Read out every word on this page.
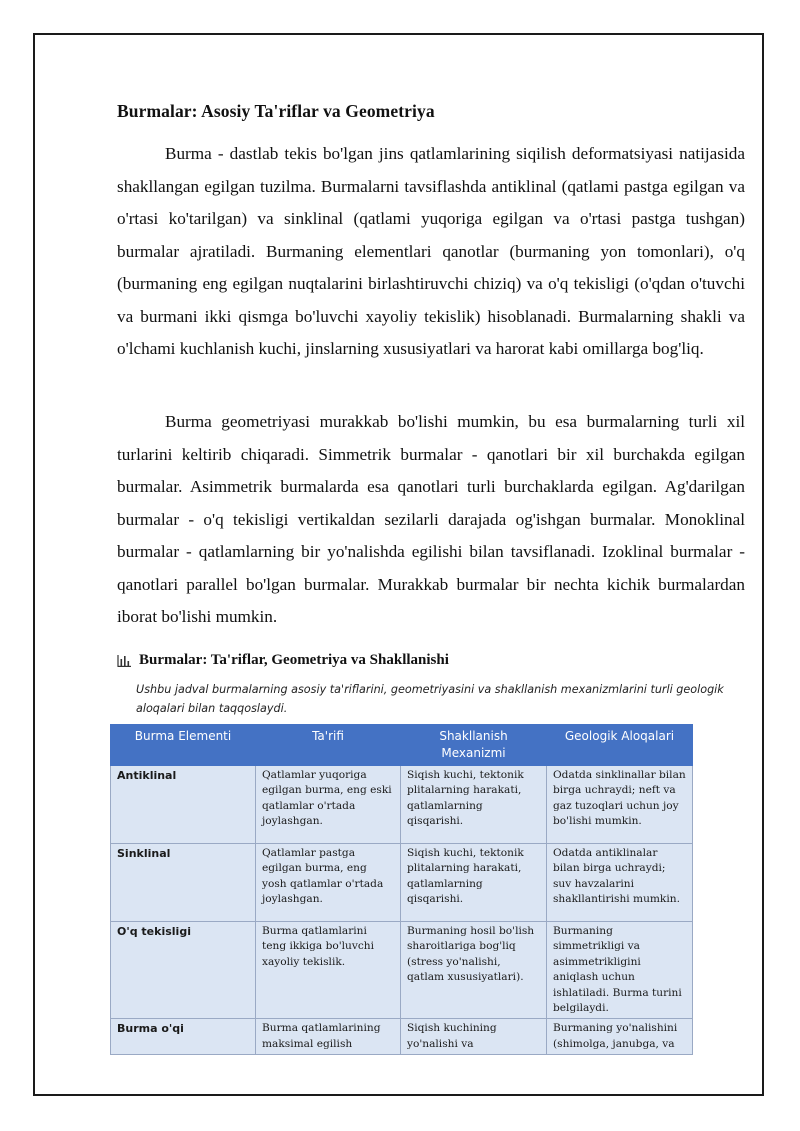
Burmalar: Asosiy Ta'riflar va Geometriya

Burma - dastlab tekis bo'lgan jins qatlamlarining siqilish deformatsiyasi natijasida shakllangan egilgan tuzilma. Burmalarni tavsiflashda antiklinal (qatlami pastga egilgan va o'rtasi ko'tarilgan) va sinklinal (qatlami yuqoriga egilgan va o'rtasi pastga tushgan) burmalar ajratiladi. Burmaning elementlari qanotlar (burmaning yon tomonlari), o'q (burmaning eng egilgan nuqtalarini birlashtiruvchi chiziq) va o'q tekisligi (o'qdan o'tuvchi va burmani ikki qismga bo'luvchi xayoliy tekislik) hisoblanadi. Burmalarning shakli va o'lchami kuchlanish kuchi, jinslarning xususiyatlari va harorat kabi omillarga bog'liq.

Burma geometriyasi murakkab bo'lishi mumkin, bu esa burmalarning turli xil turlarini keltirib chiqaradi. Simmetrik burmalar - qanotlari bir xil burchakda egilgan burmalar. Asimmetrik burmalarda esa qanotlari turli burchaklarda egilgan. Ag'darilgan burmalar - o'q tekisligi vertikaldan sezilarli darajada og'ishgan burmalar. Monoklinal burmalar - qatlamlarning bir yo'nalishda egilishi bilan tavsiflanadi. Izoklinal burmalar - qanotlari parallel bo'lgan burmalar. Murakkab burmalar bir nechta kichik burmalardan iborat bo'lishi mumkin.

Burmalar: Ta'riflar, Geometriya va Shakllanishi

Ushbu jadval burmalarning asosiy ta'riflarini, geometriyasini va shakllanish mexanizmlarini turli geologik aloqalari bilan taqqoslaydi.

Burma Elementi	Ta'rifi	Shakllanish Mexanizmi	Geologik Aloqalari
Antiklinal	Qatlamlar yuqoriga egilgan burma, eng eski qatlamlar o'rtada joylashgan.	Siqish kuchi, tektonik plitalarning harakati, qatlamlarning qisqarishi.	Odatda sinklinallar bilan birga uchraydi; neft va gaz tuzoqlari uchun joy bo'lishi mumkin.
Sinklinal	Qatlamlar pastga egilgan burma, eng yosh qatlamlar o'rtada joylashgan.	Siqish kuchi, tektonik plitalarning harakati, qatlamlarning qisqarishi.	Odatda antiklinalar bilan birga uchraydi; suv havzalarini shakllantirishi mumkin.
O'q tekisligi	Burma qatlamlarini teng ikkiga bo'luvchi xayoliy tekislik.	Burmaning hosil bo'lish sharoitlariga bog'liq (stress yo'nalishi, qatlam xususiyatlari).	Burmaning simmetrikligi va asimmetrikligini aniqlash uchun ishlatiladi. Burma turini belgilaydi.
Burma o'qi	Burma qatlamlarining maksimal egilish	Siqish kuchining yo'nalishi va	Burmaning yo'nalishini (shimolga, janubga, va
